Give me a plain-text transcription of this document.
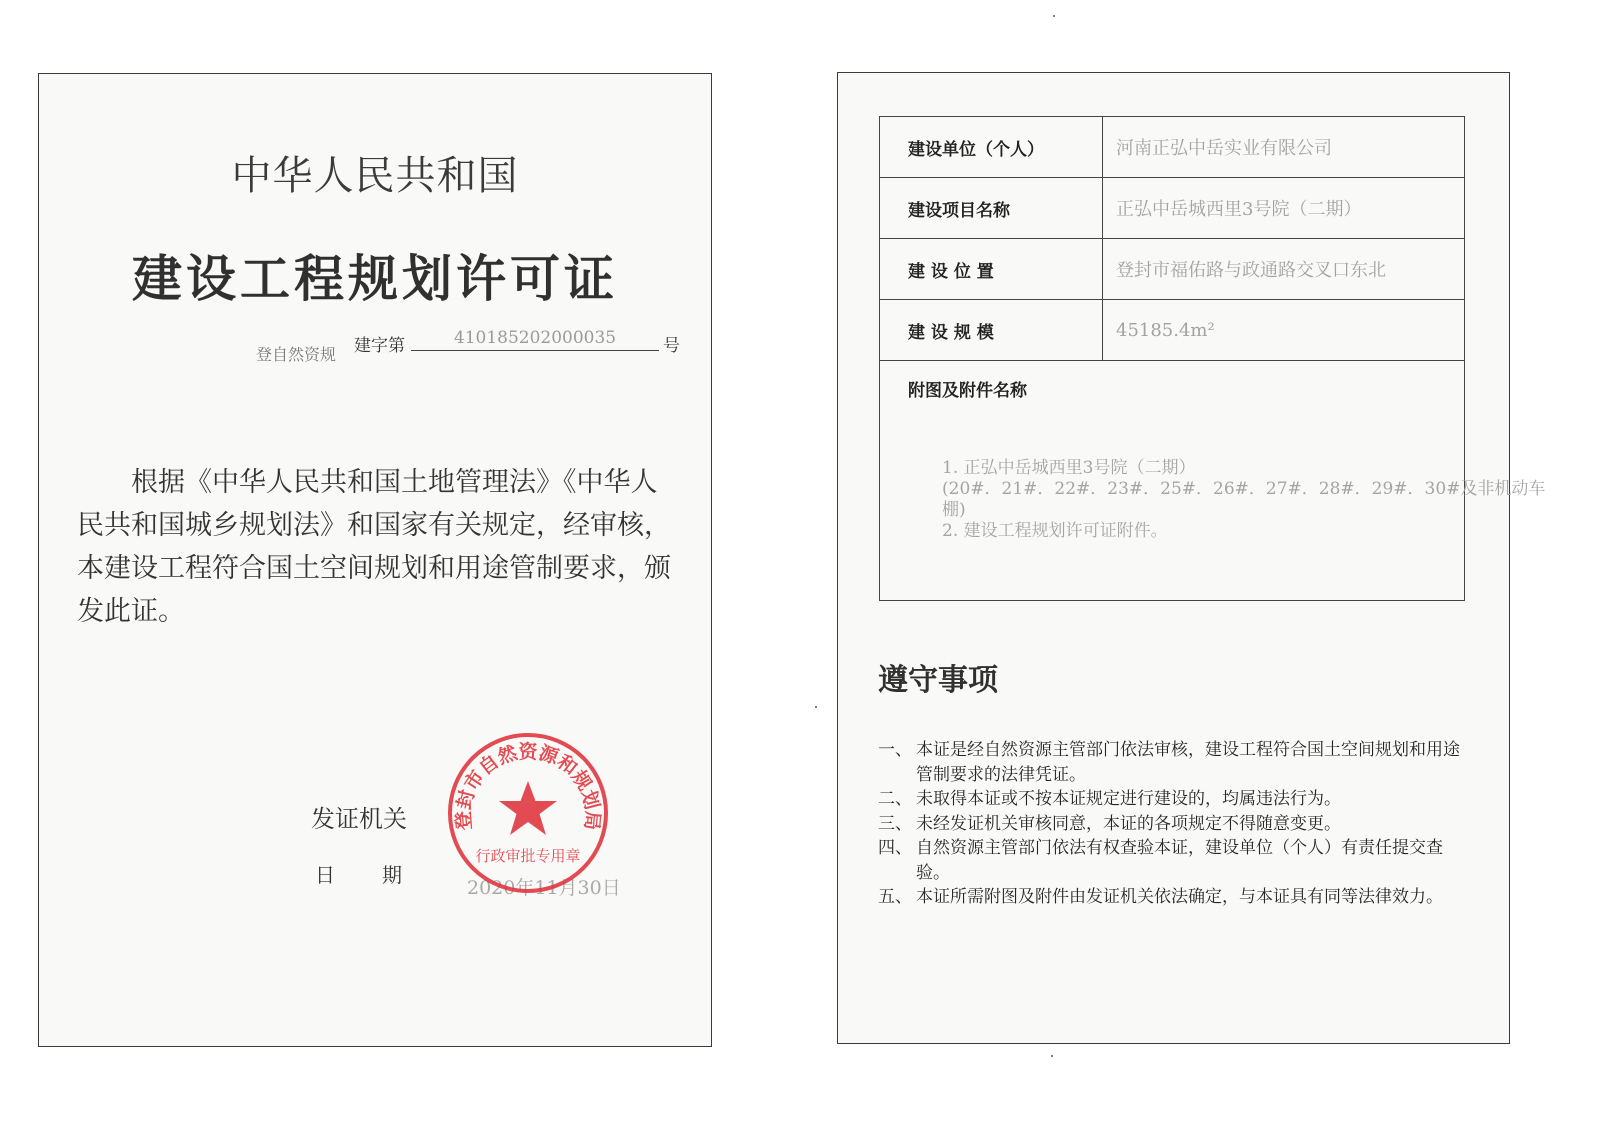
中华人民共和国
建设工程规划许可证
登自然资规 建字第	410185202000035	号

根据《中华人民共和国土地管理法》《中华人民共和国城乡规划法》和国家有关规定，经审核，本建设工程符合国土空间规划和用途管制要求，颁发此证。

发证机关
日 期
2020年11月30日
登封市自然资源和规划局
行政审批专用章
建设单位（个人）	河南正弘中岳实业有限公司
建设项目名称	正弘中岳城西里3号院（二期）
建 设 位 置	登封市福佑路与政通路交叉口东北
建 设 规 模	45185.4m²

附图及附件名称
1. 正弘中岳城西里3号院（二期）
(20#．21#．22#．23#．25#．26#．27#．28#．29#．30#及非机动车
棚)
2. 建设工程规划许可证附件。	
遵守事项
一、 本证是经自然资源主管部门依法审核，建设工程符合国土空间规划和用途管制要求的法律凭证。
二、 未取得本证或不按本证规定进行建设的，均属违法行为。
三、 未经发证机关审核同意，本证的各项规定不得随意变更。
四、 自然资源主管部门依法有权查验本证，建设单位（个人）有责任提交查验。
五、 本证所需附图及附件由发证机关依法确定，与本证具有同等法律效力。
